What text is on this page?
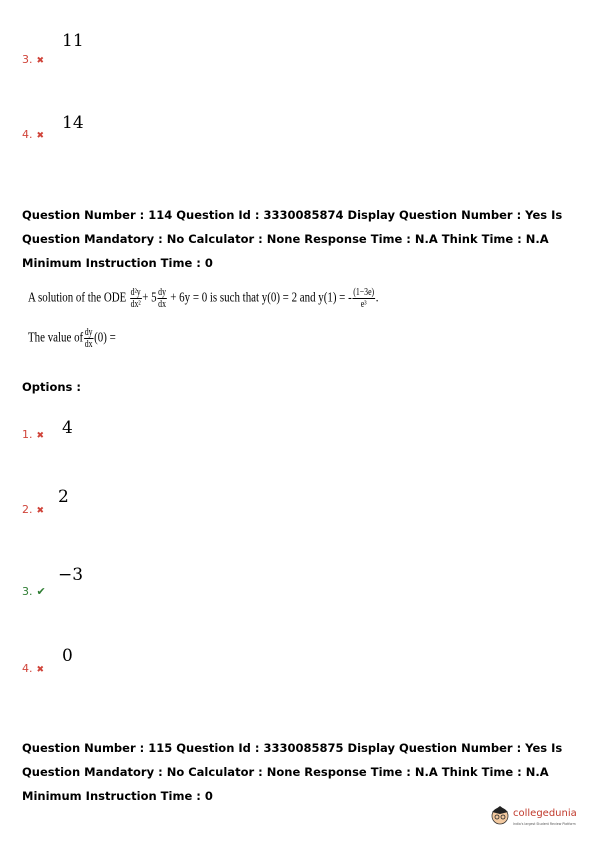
11
3. ✖
14
4. ✖
Question Number : 114 Question Id : 3330085874 Display Question Number : Yes Is Question Mandatory : No Calculator : None Response Time : N.A Think Time : N.A Minimum Instruction Time : 0
A solution of the ODE $\frac{\text{d²y}}{\text{dx²}} + 5 \frac{dy}{dx} + 6y = 0$ is such that y(0) = 2 and y(1) = - $\frac{(1-3e)}{\text{e³}}$ .
The value of $\frac{dy}{dx} (0)$ =
Options :
4
1. ✖
2
2. ✖
−3
3. ✔
0
4. ✖
Question Number : 115 Question Id : 3330085875 Display Question Number : Yes Is Question Mandatory : No Calculator : None Response Time : N.A Think Time : N.A Minimum Instruction Time : 0
collegedunia
India's largest Student Review Platform
